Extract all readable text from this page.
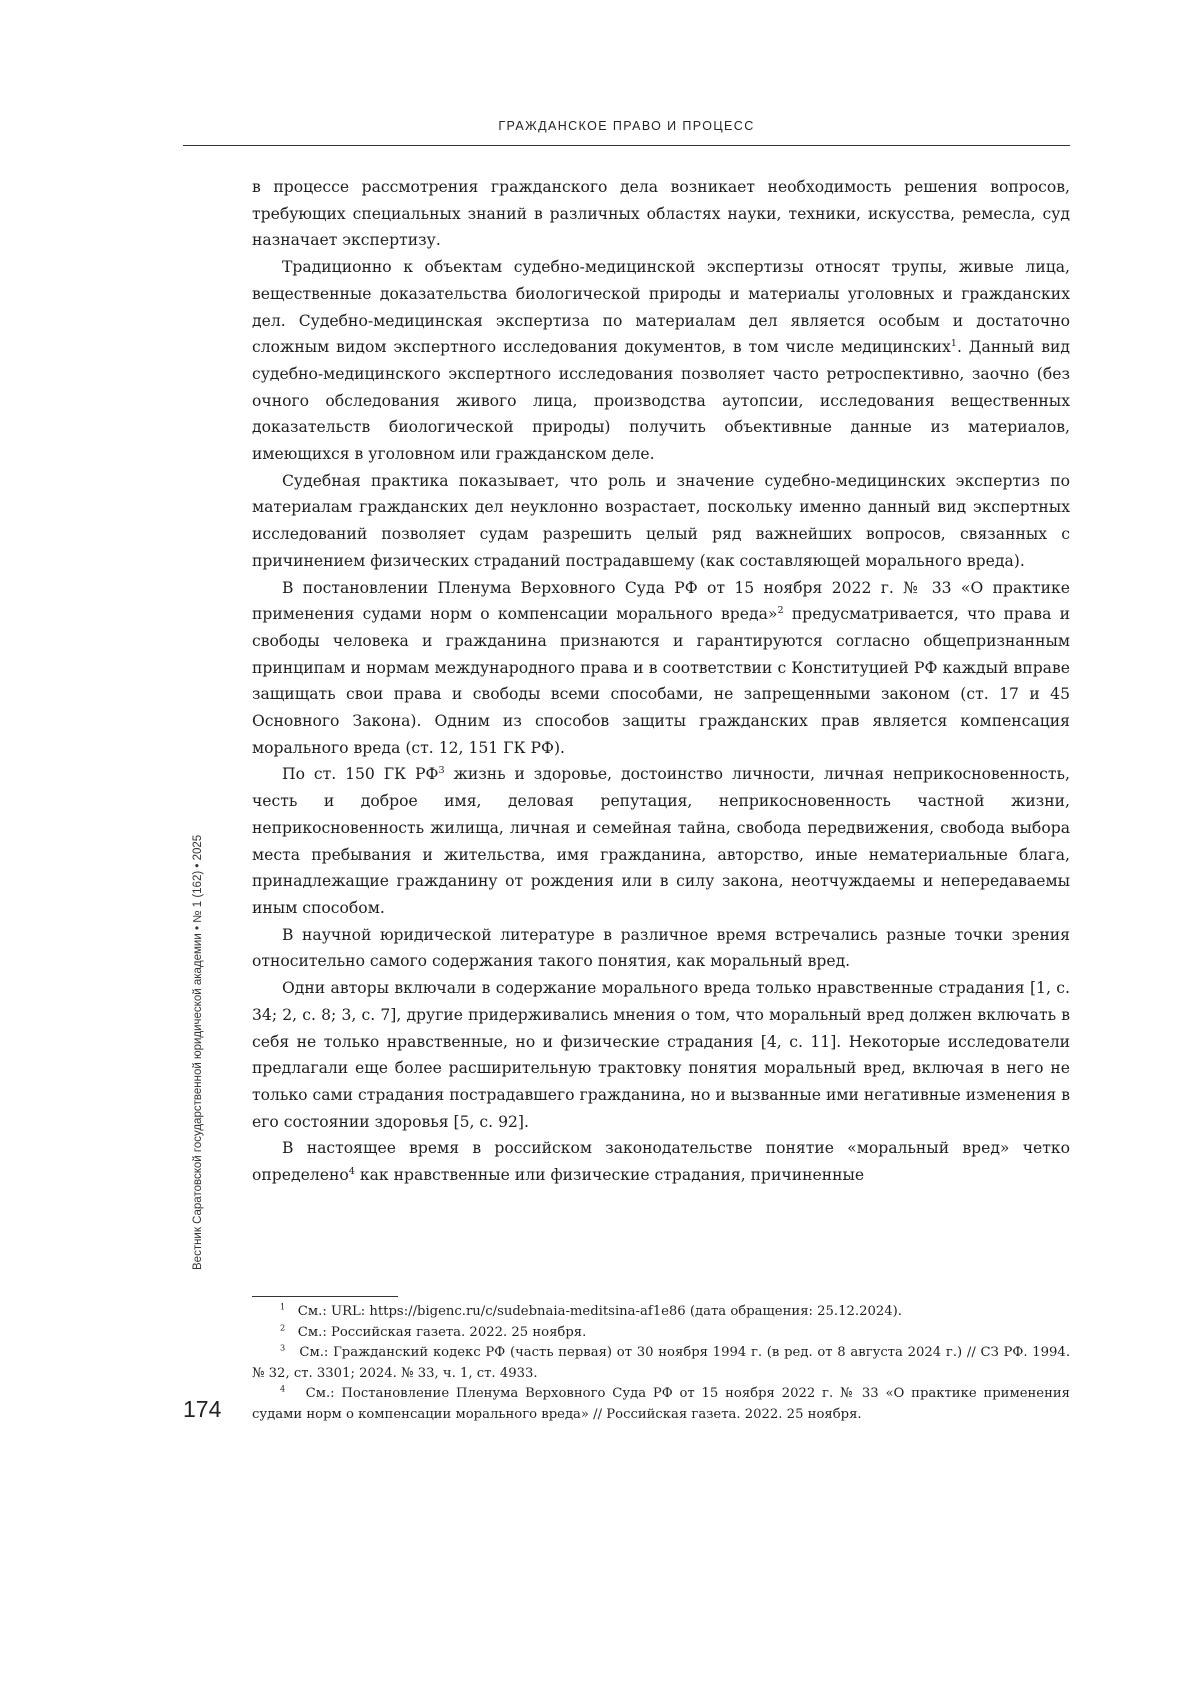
ГРАЖДАНСКОЕ ПРАВО И ПРОЦЕСС
Вестник Саратовской государственной юридической академии • № 1 (162) • 2025

в процессе рассмотрения гражданского дела возникает необходимость решения вопросов, требующих специальных знаний в различных областях науки, техники, искусства, ремесла, суд назначает экспертизу.

Традиционно к объектам судебно-медицинской экспертизы относят трупы, живые лица, вещественные доказательства биологической природы и материалы уголовных и гражданских дел. Судебно-медицинская экспертиза по материалам дел является особым и достаточно сложным видом экспертного исследования документов, в том числе медицинских$^1$. Данный вид судебно-медицинского экспертного исследования позволяет часто ретроспективно, заочно (без очного обследования живого лица, производства аутопсии, исследования вещественных доказательств биологической природы) получить объективные данные из материалов, имеющихся в уголовном или гражданском деле.

Судебная практика показывает, что роль и значение судебно-медицинских экспертиз по материалам гражданских дел неуклонно возрастает, поскольку именно данный вид экспертных исследований позволяет судам разрешить целый ряд важнейших вопросов, связанных с причинением физических страданий пострадавшему (как составляющей морального вреда).

В постановлении Пленума Верховного Суда РФ от 15 ноября 2022 г. № 33 «О практике применения судами норм о компенсации морального вреда»$^2$ предусматривается, что права и свободы человека и гражданина признаются и гарантируются согласно общепризнанным принципам и нормам международного права и в соответствии с Конституцией РФ каждый вправе защищать свои права и свободы всеми способами, не запрещенными законом (ст. 17 и 45 Основного Закона). Одним из способов защиты гражданских прав является компенсация морального вреда (ст. 12, 151 ГК РФ).

По ст. 150 ГК $РФ^3$ жизнь и здоровье, достоинство личности, личная неприкосновенность, честь и доброе имя, деловая репутация, неприкосновенность частной жизни, неприкосновенность жилища, личная и семейная тайна, свобода передвижения, свобода выбора места пребывания и жительства, имя гражданина, авторство, иные нематериальные блага, принадлежащие гражданину от рождения или в силу закона, неотчуждаемы и непередаваемы иным способом.

В научной юридической литературе в различное время встречались разные точки зрения относительно самого содержания такого понятия, как моральный вред.

Одни авторы включали в содержание морального вреда только нравственные страдания [1, с. 34; 2, с. 8; 3, с. 7], другие придерживались мнения о том, что моральный вред должен включать в себя не только нравственные, но и физические страдания [4, с. 11]. Некоторые исследователи предлагали еще более расширительную трактовку понятия моральный вред, включая в него не только сами страдания пострадавшего гражданина, но и вызванные ими негативные изменения в его состоянии здоровья [5, с. 92].

В настоящее время в российском законодательстве понятие «моральный вред» четко определено$^4$ как нравственные или физические страдания, причиненные

$^1$ См.: URL: https://bigenc.ru/c/sudebnaia-meditsina-af1e86 (дата обращения: 25.12.2024).

$^2$ См.: Российская газета. 2022. 25 ноября.

$^3$ См.: Гражданский кодекс РФ (часть первая) от 30 ноября 1994 г. (в ред. от 8 августа 2024 г.) // СЗ РФ. 1994. № 32, ст. 3301; 2024. № 33, ч. 1, ст. 4933.

$^4$ См.: Постановление Пленума Верховного Суда РФ от 15 ноября 2022 г. № 33 «О практике применения судами норм о компенсации морального вреда» // Российская газета. 2022. 25 ноября.

174
